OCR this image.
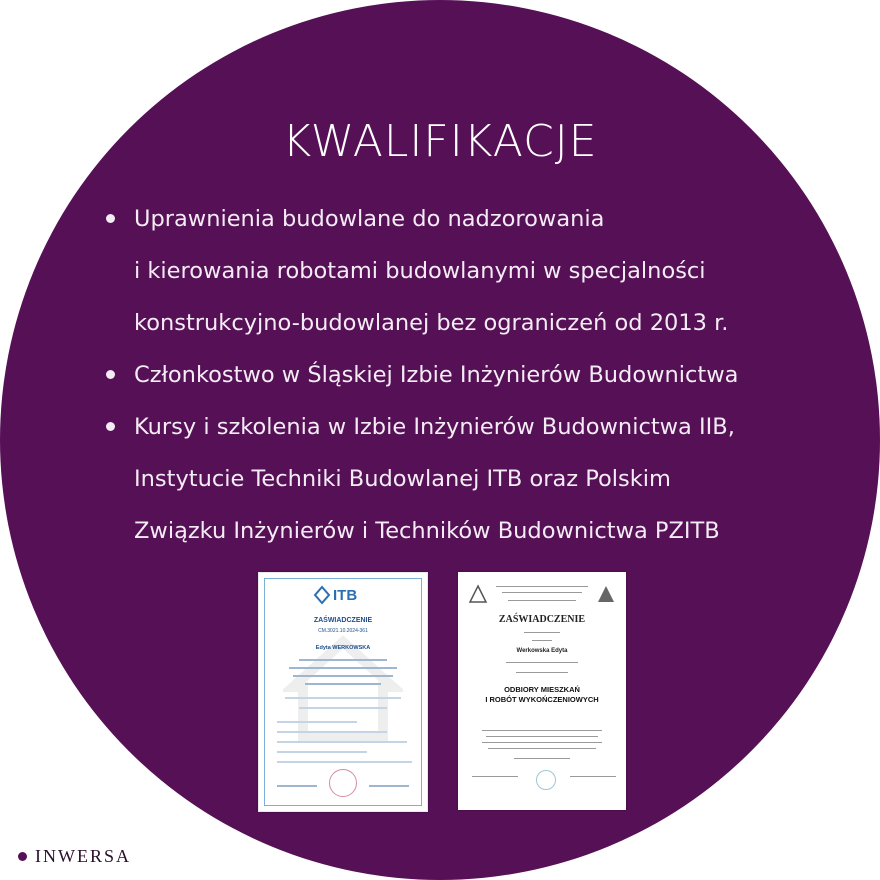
KWALIFIKACJE
Uprawnienia budowlane do nadzorowania
i kierowania robotami budowlanymi w specjalności
konstrukcyjno-budowlanej bez ograniczeń od 2013 r.
Członkostwo w Śląskiej Izbie Inżynierów Budownictwa
Kursy i szkolenia w Izbie Inżynierów Budownictwa IIB,
Instytucie Techniki Budowlanej ITB oraz Polskim
Związku Inżynierów i Techników Budownictwa PZITB
ITB
ZAŚWIADCZENIE
CM.3021.10.2024-361
Edyta WERKOWSKA
ZAŚWIADCZENIE
Werkowska Edyta
ODBIORY MIESZKAŃ
I ROBÓT WYKOŃCZENIOWYCH
INWERSA
